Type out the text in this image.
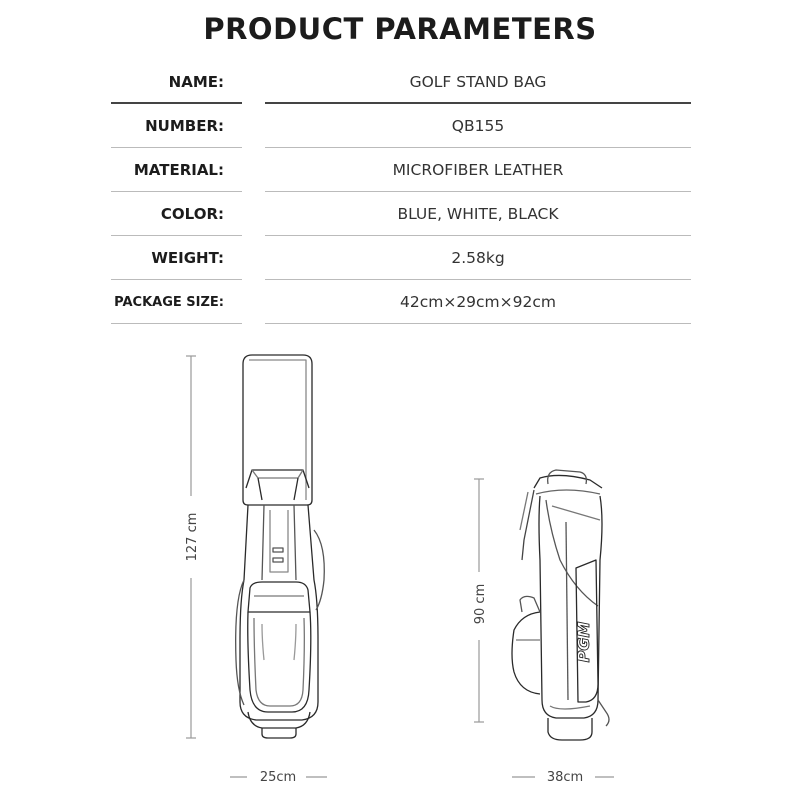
PRODUCT PARAMETERS
NAME:	GOLF STAND BAG
NUMBER:	QB155
MATERIAL:	MICROFIBER LEATHER
COLOR:	BLUE, WHITE, BLACK
WEIGHT:	2.58kg
PACKAGE SIZE:	42cm×29cm×92cm
127 cm
25cm
90 cm
PGM
38cm
